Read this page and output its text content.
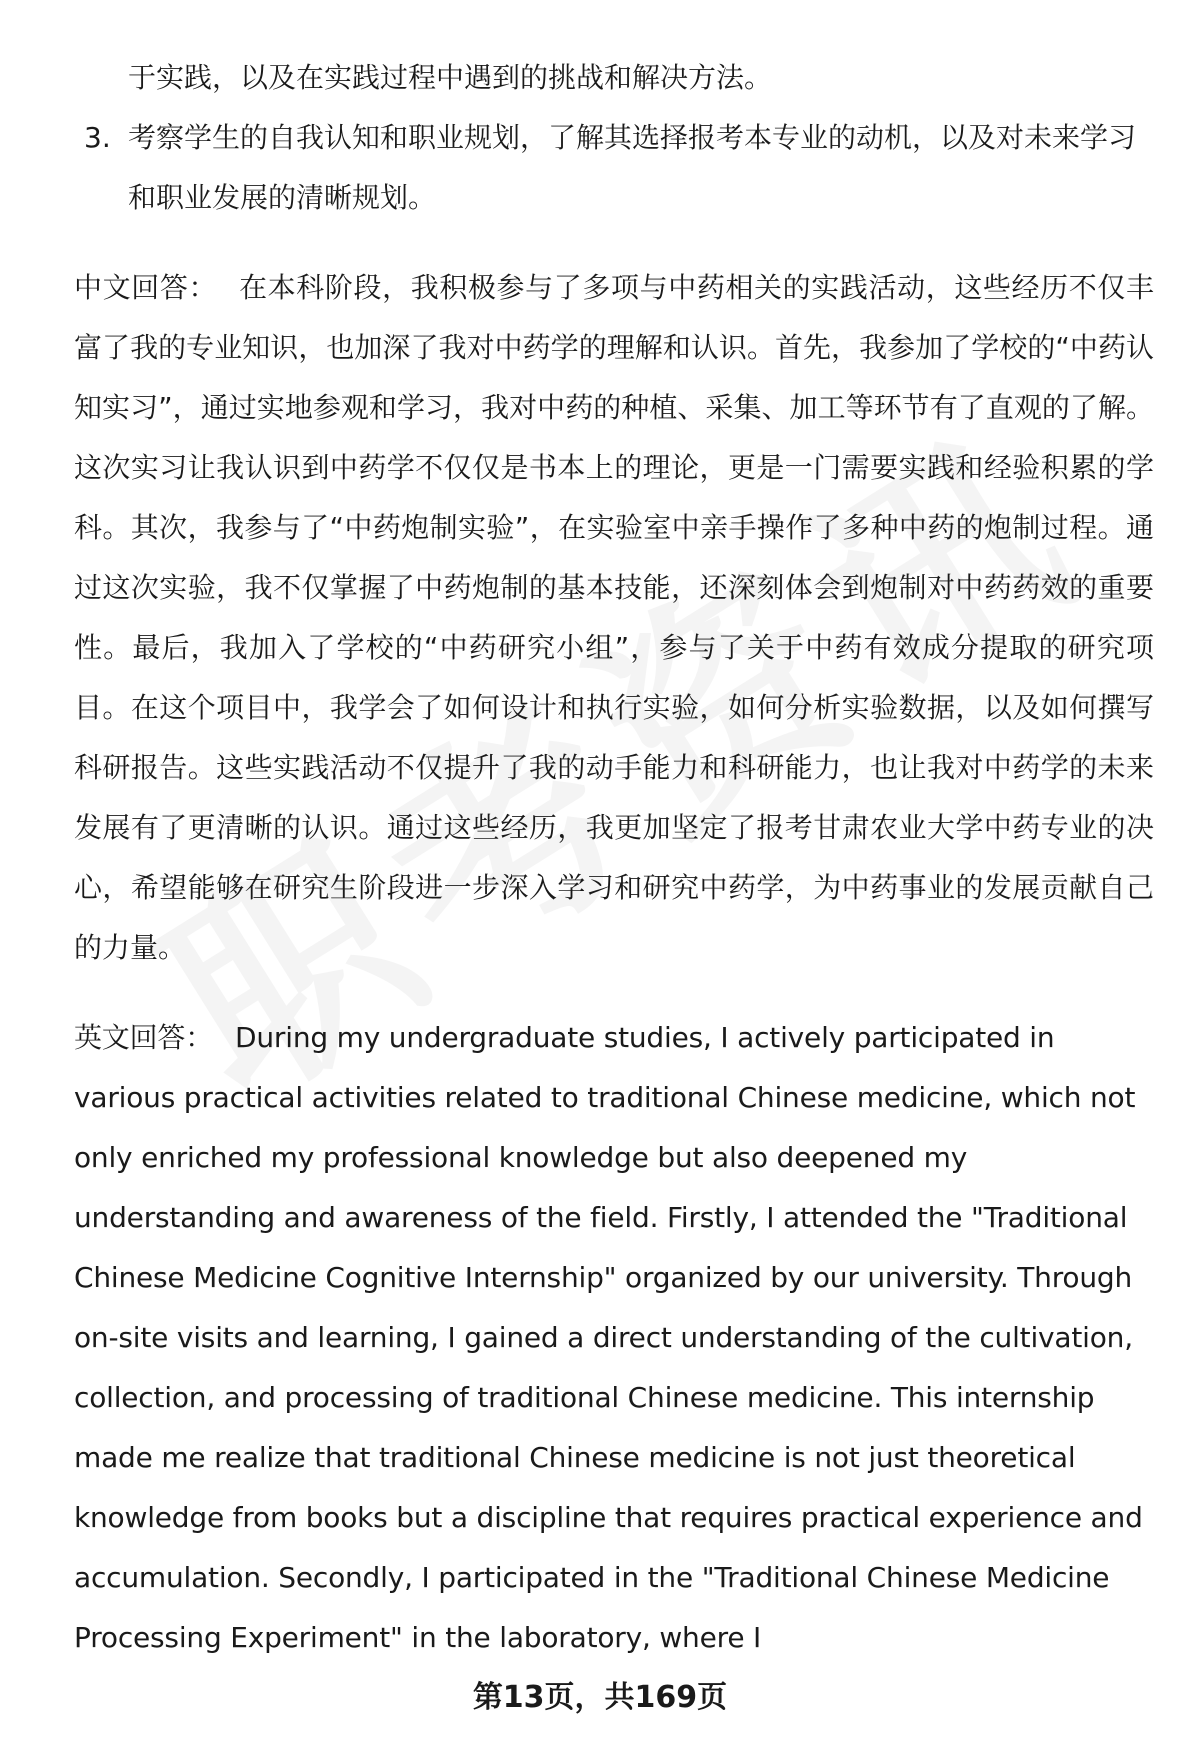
于实践，以及在实践过程中遇到的挑战和解决方法。
3. 考察学生的自我认知和职业规划，了解其选择报考本专业的动机，以及对未来学习和职业发展的清晰规划。

中文回答： 在本科阶段，我积极参与了多项与中药相关的实践活动，这些经历不仅丰富了我的专业知识，也加深了我对中药学的理解和认识。首先，我参加了学校的“中药认知实习”，通过实地参观和学习，我对中药的种植、采集、加工等环节有了直观的了解。这次实习让我认识到中药学不仅仅是书本上的理论，更是一门需要实践和经验积累的学科。其次，我参与了“中药炮制实验”，在实验室中亲手操作了多种中药的炮制过程。通过这次实验，我不仅掌握了中药炮制的基本技能，还深刻体会到炮制对中药药效的重要性。最后，我加入了学校的“中药研究小组”，参与了关于中药有效成分提取的研究项目。在这个项目中，我学会了如何设计和执行实验，如何分析实验数据，以及如何撰写科研报告。这些实践活动不仅提升了我的动手能力和科研能力，也让我对中药学的未来发展有了更清晰的认识。通过这些经历，我更加坚定了报考甘肃农业大学中药专业的决心，希望能够在研究生阶段进一步深入学习和研究中药学，为中药事业的发展贡献自己的力量。

英文回答： During my undergraduate studies, I actively participated in various practical activities related to traditional Chinese medicine, which not only enriched my professional knowledge but also deepened my understanding and awareness of the field. Firstly, I attended the "Traditional Chinese Medicine Cognitive Internship" organized by our university. Through on-site visits and learning, I gained a direct understanding of the cultivation, collection, and processing of traditional Chinese medicine. This internship made me realize that traditional Chinese medicine is not just theoretical knowledge from books but a discipline that requires practical experience and accumulation. Secondly, I participated in the "Traditional Chinese Medicine Processing Experiment" in the laboratory, where I

第13页，共169页
